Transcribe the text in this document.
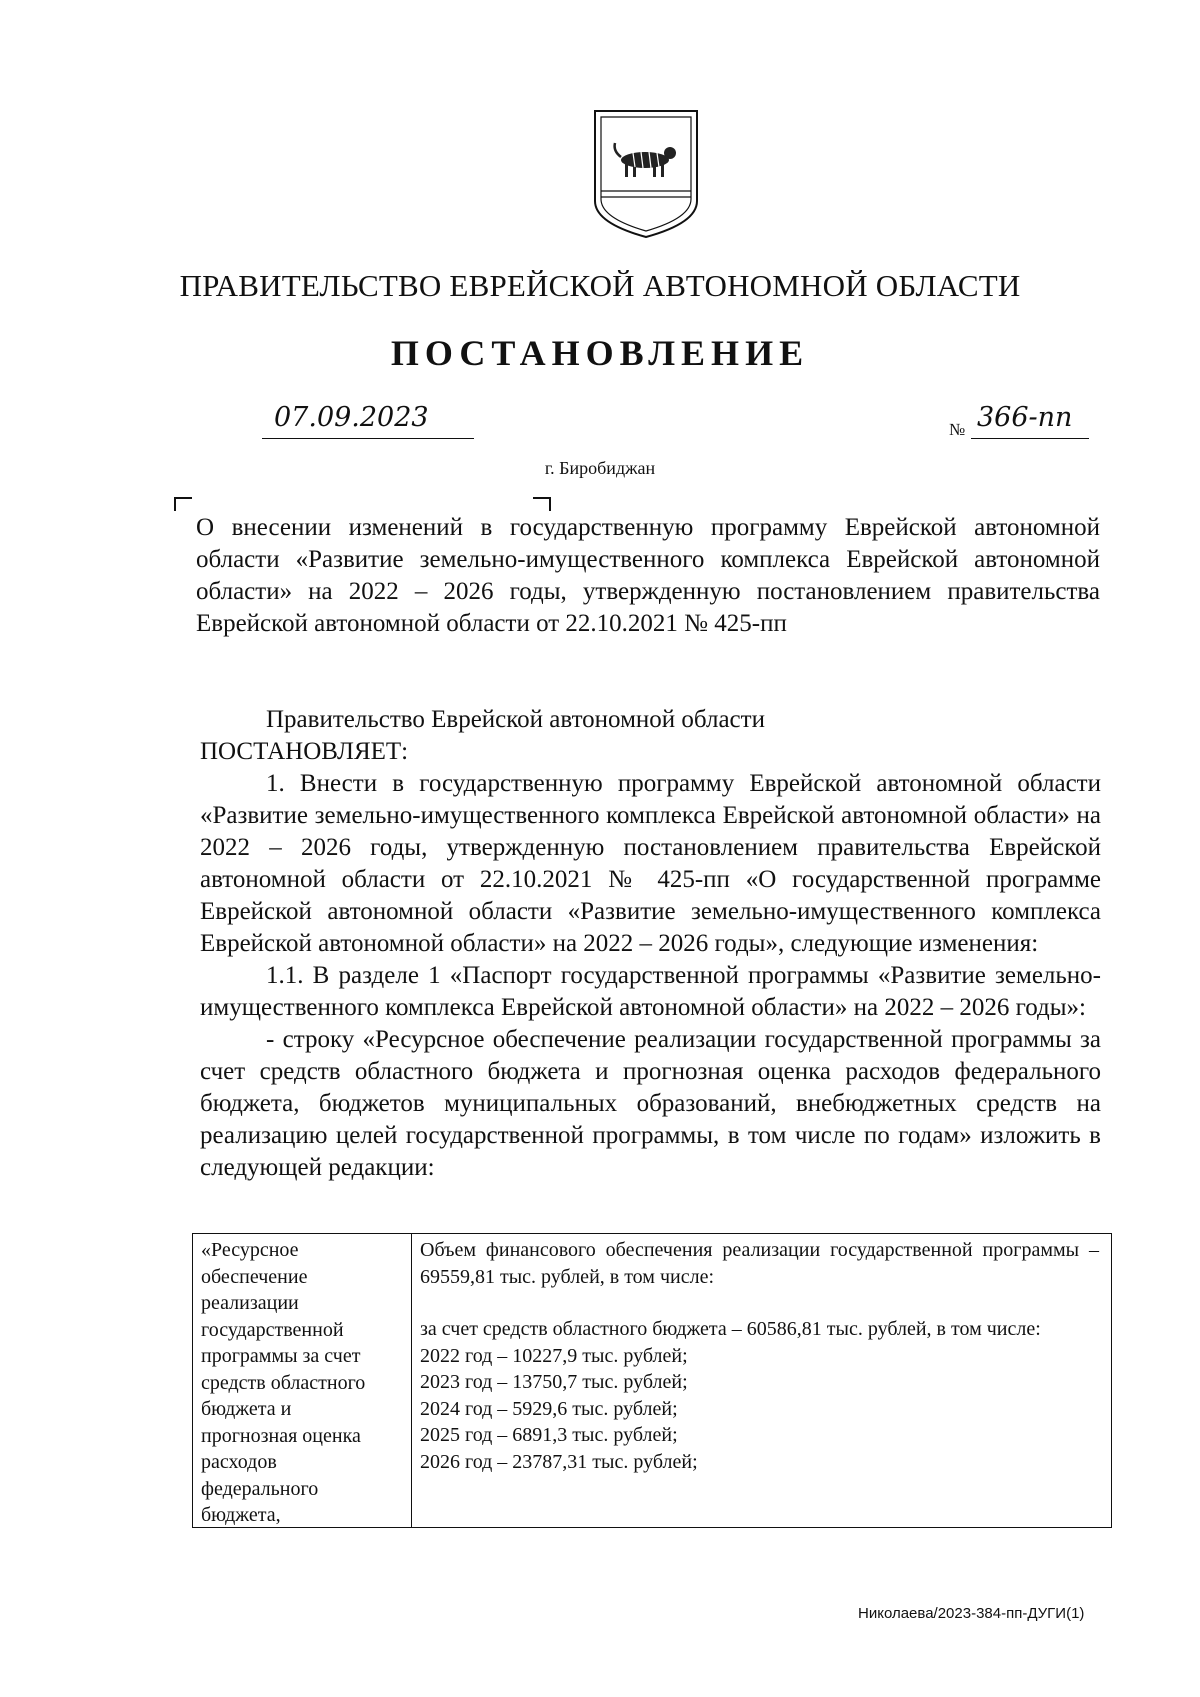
ПРАВИТЕЛЬСТВО ЕВРЕЙСКОЙ АВТОНОМНОЙ ОБЛАСТИ
ПОСТАНОВЛЕНИЕ
07.09.2023	№ 366-пп
г. Биробиджан
О внесении изменений в государственную программу Еврейской автономной области «Развитие земельно-имущественного комплекса Еврейской автономной области» на 2022 – 2026 годы, утвержденную постановлением правительства Еврейской автономной области от 22.10.2021 № 425-пп
Правительство Еврейской автономной области
ПОСТАНОВЛЯЕТ:
1. Внести в государственную программу Еврейской автономной области «Развитие земельно-имущественного комплекса Еврейской автономной области» на 2022 – 2026 годы, утвержденную постановлением правительства Еврейской автономной области от 22.10.2021 № 425-пп «О государственной программе Еврейской автономной области «Развитие земельно-имущественного комплекса Еврейской автономной области» на 2022 – 2026 годы», следующие изменения:
1.1. В разделе 1 «Паспорт государственной программы «Развитие земельно-имущественного комплекса Еврейской автономной области» на 2022 – 2026 годы»:
- строку «Ресурсное обеспечение реализации государственной программы за счет средств областного бюджета и прогнозная оценка расходов федерального бюджета, бюджетов муниципальных образований, внебюджетных средств на реализацию целей государственной программы, в том числе по годам» изложить в следующей редакции:
«Ресурсное
обеспечение
реализации
государственной
программы за счет
средств областного
бюджета и
прогнозная оценка
расходов
федерального
бюджета,
Объем финансового обеспечения реализации государственной программы – 69559,81 тыс. рублей, в том числе:
за счет средств областного бюджета – 60586,81 тыс. рублей, в том числе:
2022 год – 10227,9 тыс. рублей;
2023 год – 13750,7 тыс. рублей;
2024 год – 5929,6 тыс. рублей;
2025 год – 6891,3 тыс. рублей;
2026 год – 23787,31 тыс. рублей;
Николаева/2023-384-пп-ДУГИ(1)
